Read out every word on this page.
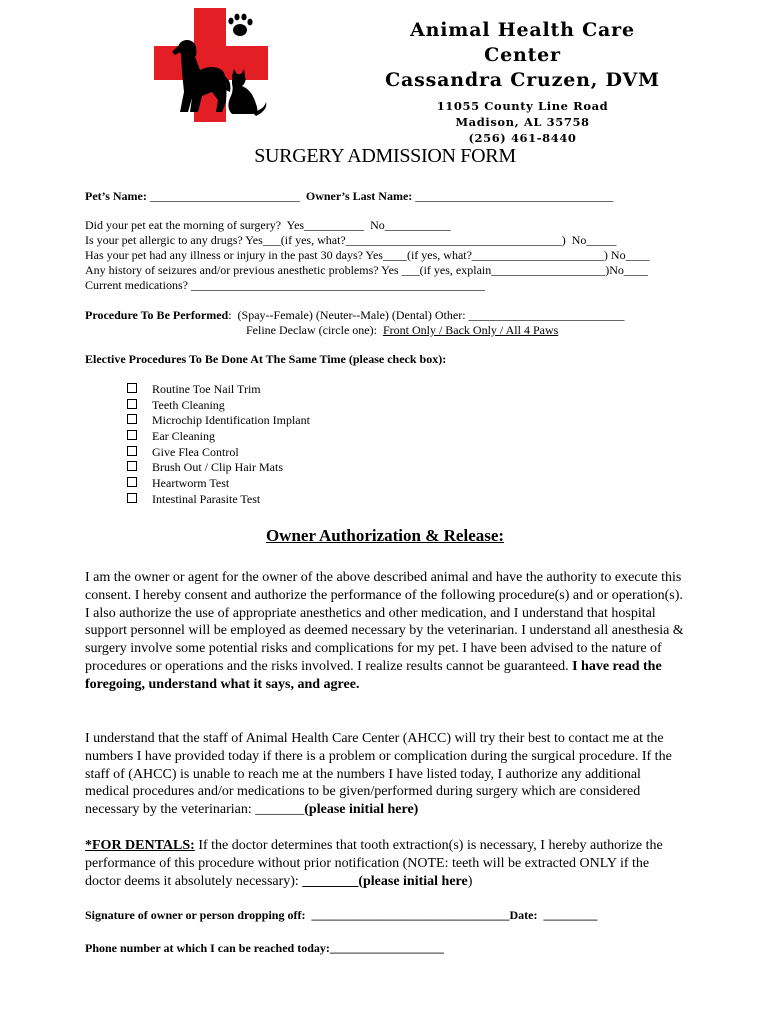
Animal Health Care Center
Cassandra Cruzen, DVM
11055 County Line Road
Madison, AL 35758
(256) 461-8440
SURGERY ADMISSION FORM
Pet’s Name: _________________________ Owner’s Last Name: _________________________________
Did your pet eat the morning of surgery?  Yes__________  No___________
Is your pet allergic to any drugs? Yes___(if yes, what?____________________________________)  No_____
Has your pet had any illness or injury in the past 30 days? Yes____(if yes, what?______________________) No____
Any history of seizures and/or previous anesthetic problems? Yes ___(if yes, explain___________________)No____
Current medications? _________________________________________________
Procedure To Be Performed:  (Spay--Female) (Neuter--Male) (Dental) Other: __________________________
Feline Declaw (circle one):  Front Only / Back Only / All 4 Paws
Elective Procedures To Be Done At The Same Time (please check box):
Routine Toe Nail Trim
Teeth Cleaning
Microchip Identification Implant
Ear Cleaning
Give Flea Control
Brush Out / Clip Hair Mats
Heartworm Test
Intestinal Parasite Test
Owner Authorization & Release:
I am the owner or agent for the owner of the above described animal and have the authority to execute this consent. I hereby consent and authorize the performance of the following procedure(s) and or operation(s). I also authorize the use of appropriate anesthetics and other medication, and I understand that hospital support personnel will be employed as deemed necessary by the veterinarian. I understand all anesthesia & surgery involve some potential risks and complications for my pet. I have been advised to the nature of procedures or operations and the risks involved. I realize results cannot be guaranteed. I have read the foregoing, understand what it says, and agree.
I understand that the staff of Animal Health Care Center (AHCC) will try their best to contact me at the numbers I have provided today if there is a problem or complication during the surgical procedure. If the staff of (AHCC) is unable to reach me at the numbers I have listed today, I authorize any additional medical procedures and/or medications to be given/performed during surgery which are considered necessary by the veterinarian: _______(please initial here)
*FOR DENTALS: If the doctor determines that tooth extraction(s) is necessary, I hereby authorize the performance of this procedure without prior notification (NOTE: teeth will be extracted ONLY if the doctor deems it absolutely necessary): ________(please initial here)
Signature of owner or person dropping off:  _________________________________Date:  _________
Phone number at which I can be reached today:___________________
